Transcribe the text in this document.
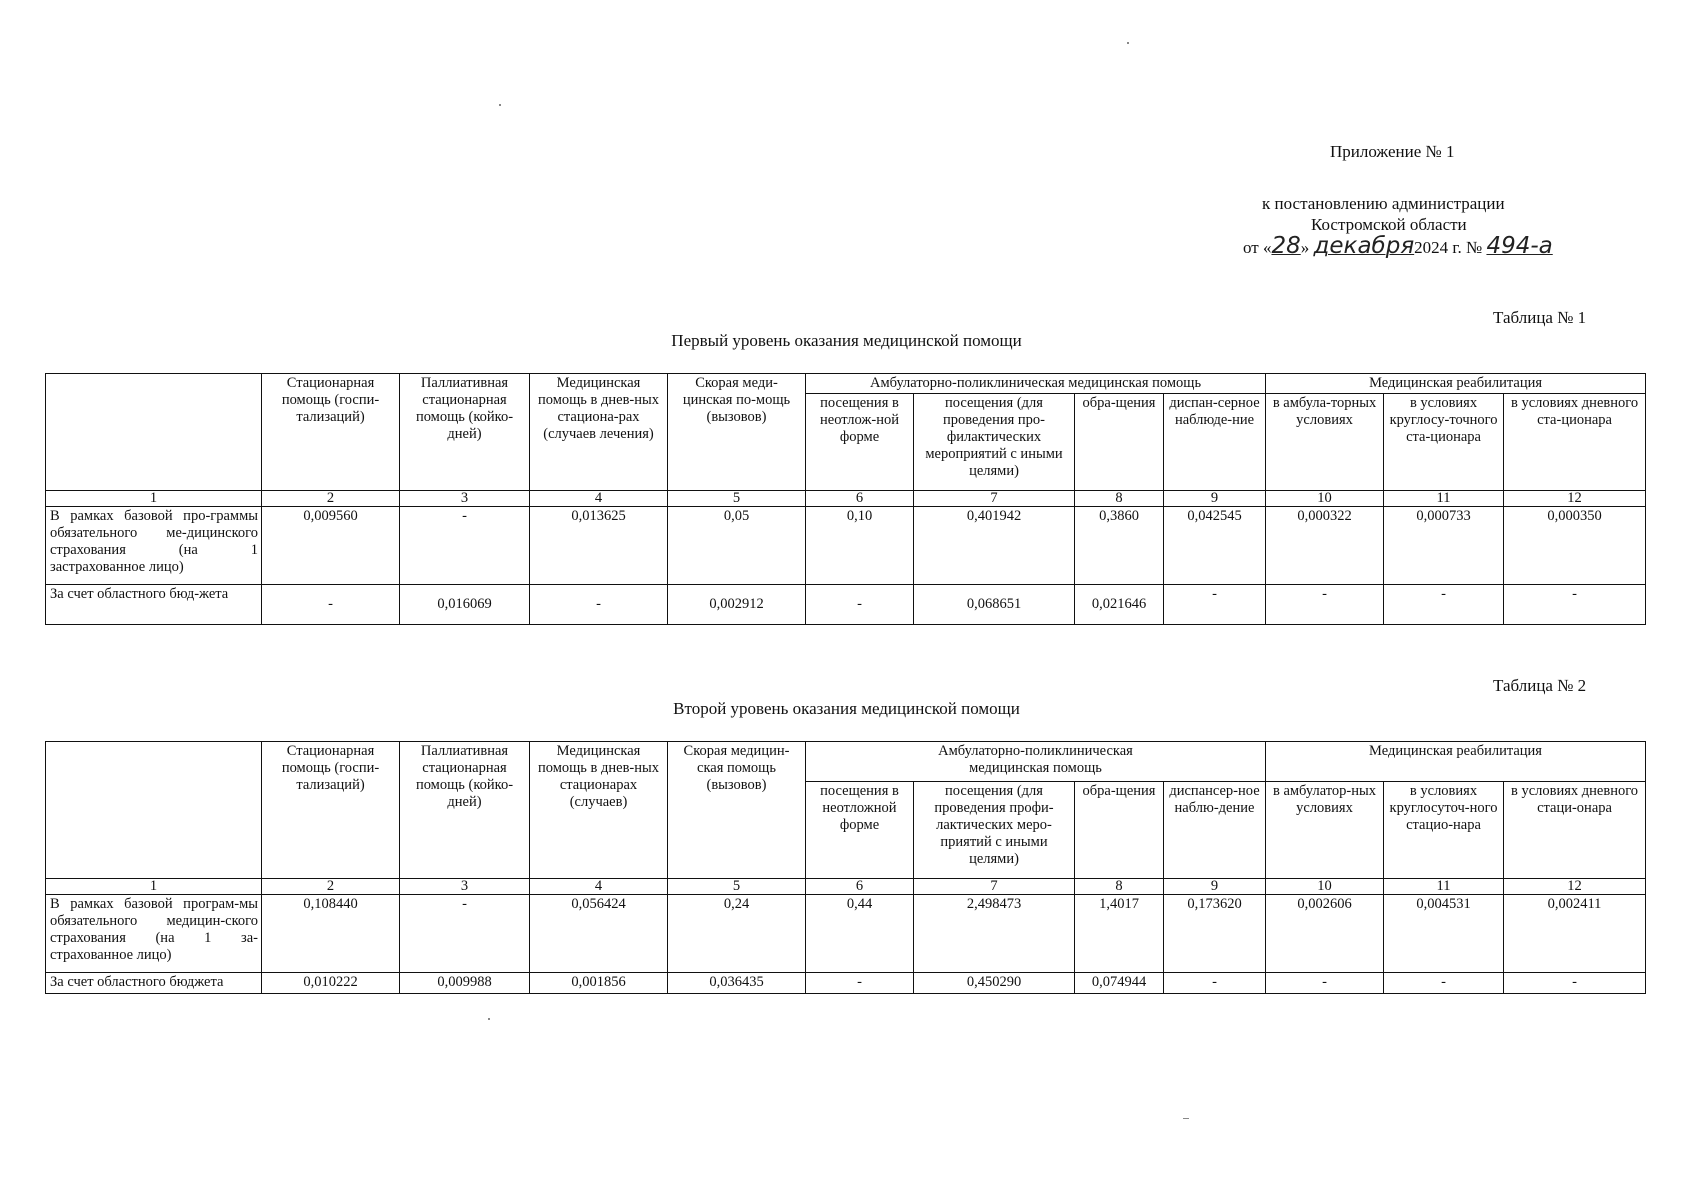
Приложение № 1
к постановлению администрации
Костромской области
от «28» декабря2024 г. № 494-а
Таблица № 1
Первый уровень оказания медицинской помощи
	Стационарная помощь (госпи-тализаций)	Паллиативная стационарная помощь (койко-дней)	Медицинская помощь в днев-ных стациона-рах (случаев лечения)	Скорая меди-цинская по-мощь (вызовов)	Амбулаторно-поликлиническая медицинская помощь				Медицинская реабилитация		
					посещения в неотлож-ной форме	посещения (для проведения про-филактических мероприятий с иными целями)	обра-щения	диспан-серное наблюде-ние	в амбула-торных условиях	в условиях круглосу-точного ста-ционара	в условиях дневного ста-ционара
1	2	3	4	5	6	7	8	9	10	11	12
В рамках базовой про-граммы обязательного ме-дицинского страхования (на 1 застрахованное лицо)	0,009560	-	0,013625	0,05	0,10	0,401942	0,3860	0,042545	0,000322	0,000733	0,000350
За счет областного бюд-жета	-	0,016069	-	0,002912	-	0,068651	0,021646	-	-	-	-
Таблица № 2
Второй уровень оказания медицинской помощи
	Стационарная помощь (госпи-тализаций)	Паллиативная стационарная помощь (койко-дней)	Медицинская помощь в днев-ных стационарах (случаев)	Скорая медицин-ская помощь (вызовов)	Амбулаторно-поликлиническая медицинская помощь				Медицинская реабилитация		
					посещения в неотложной форме	посещения (для проведения профи-лактических меро-приятий с иными целями)	обра-щения	диспансер-ное наблю-дение	в амбулатор-ных условиях	в условиях круглосуточ-ного стацио-нара	в условиях дневного стаци-онара
1	2	3	4	5	6	7	8	9	10	11	12
В рамках базовой програм-мы обязательного медицин-ского страхования (на 1 за-страхованное лицо)	0,108440	-	0,056424	0,24	0,44	2,498473	1,4017	0,173620	0,002606	0,004531	0,002411
За счет областного бюджета	0,010222	0,009988	0,001856	0,036435	-	0,450290	0,074944	-	-	-	-
